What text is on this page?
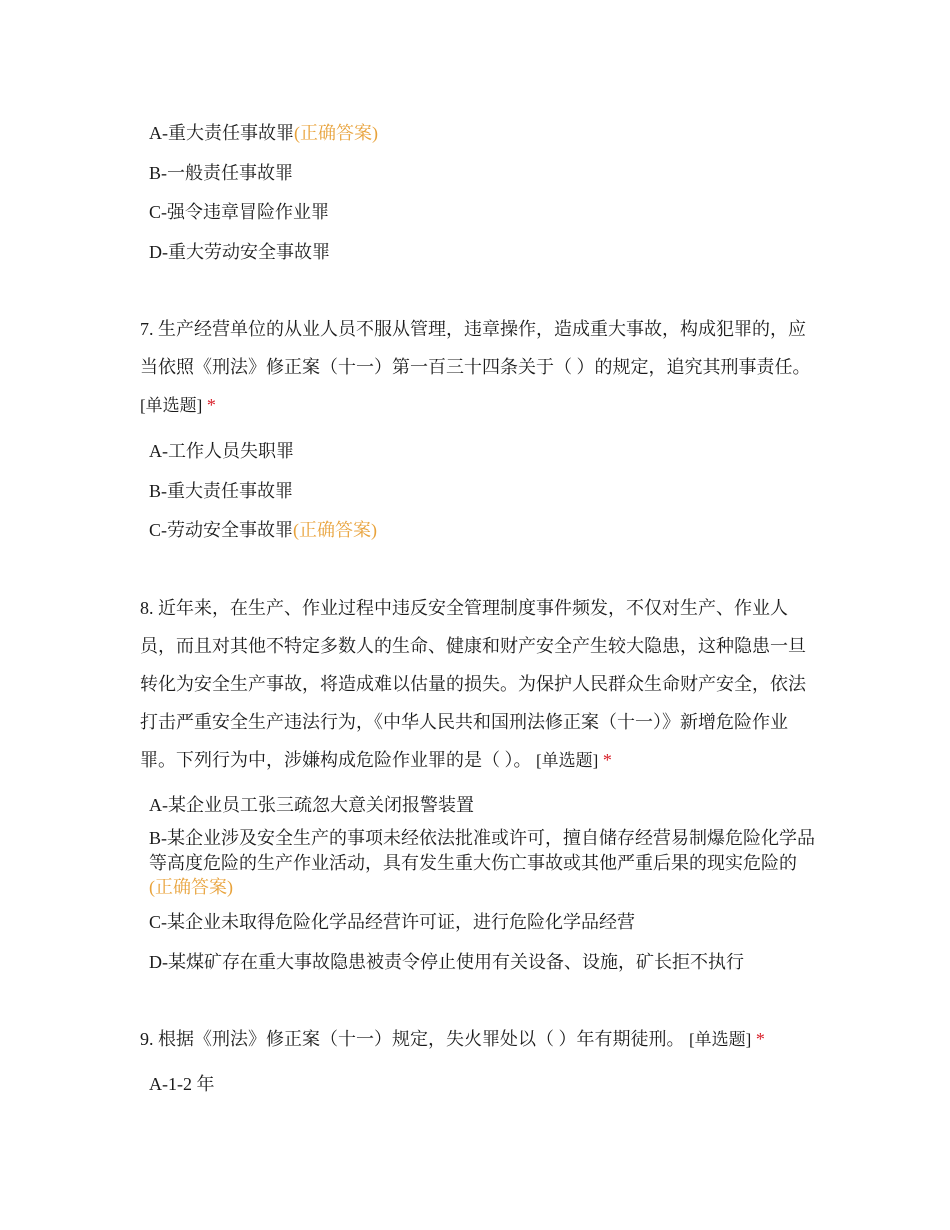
A-重大责任事故罪(正确答案)
B-一般责任事故罪
C-强令违章冒险作业罪
D-重大劳动安全事故罪
7. 生产经营单位的从业人员不服从管理，违章操作，造成重大事故，构成犯罪的，应当依照《刑法》修正案（十一）第一百三十四条关于（ ）的规定，追究其刑事责任。 [单选题] *
A-工作人员失职罪
B-重大责任事故罪
C-劳动安全事故罪(正确答案)
8. 近年来，在生产、作业过程中违反安全管理制度事件频发，不仅对生产、作业人员，而且对其他不特定多数人的生命、健康和财产安全产生较大隐患，这种隐患一旦转化为安全生产事故，将造成难以估量的损失。为保护人民群众生命财产安全，依法打击严重安全生产违法行为，《中华人民共和国刑法修正案（十一）》新增危险作业罪。下列行为中，涉嫌构成危险作业罪的是（ ）。 [单选题] *
A-某企业员工张三疏忽大意关闭报警装置
B-某企业涉及安全生产的事项未经依法批准或许可，擅自储存经营易制爆危险化学品等高度危险的生产作业活动，具有发生重大伤亡事故或其他严重后果的现实危险的(正确答案)
C-某企业未取得危险化学品经营许可证，进行危险化学品经营
D-某煤矿存在重大事故隐患被责令停止使用有关设备、设施，矿长拒不执行
9. 根据《刑法》修正案（十一）规定，失火罪处以（ ）年有期徒刑。 [单选题] *
A-1-2 年
